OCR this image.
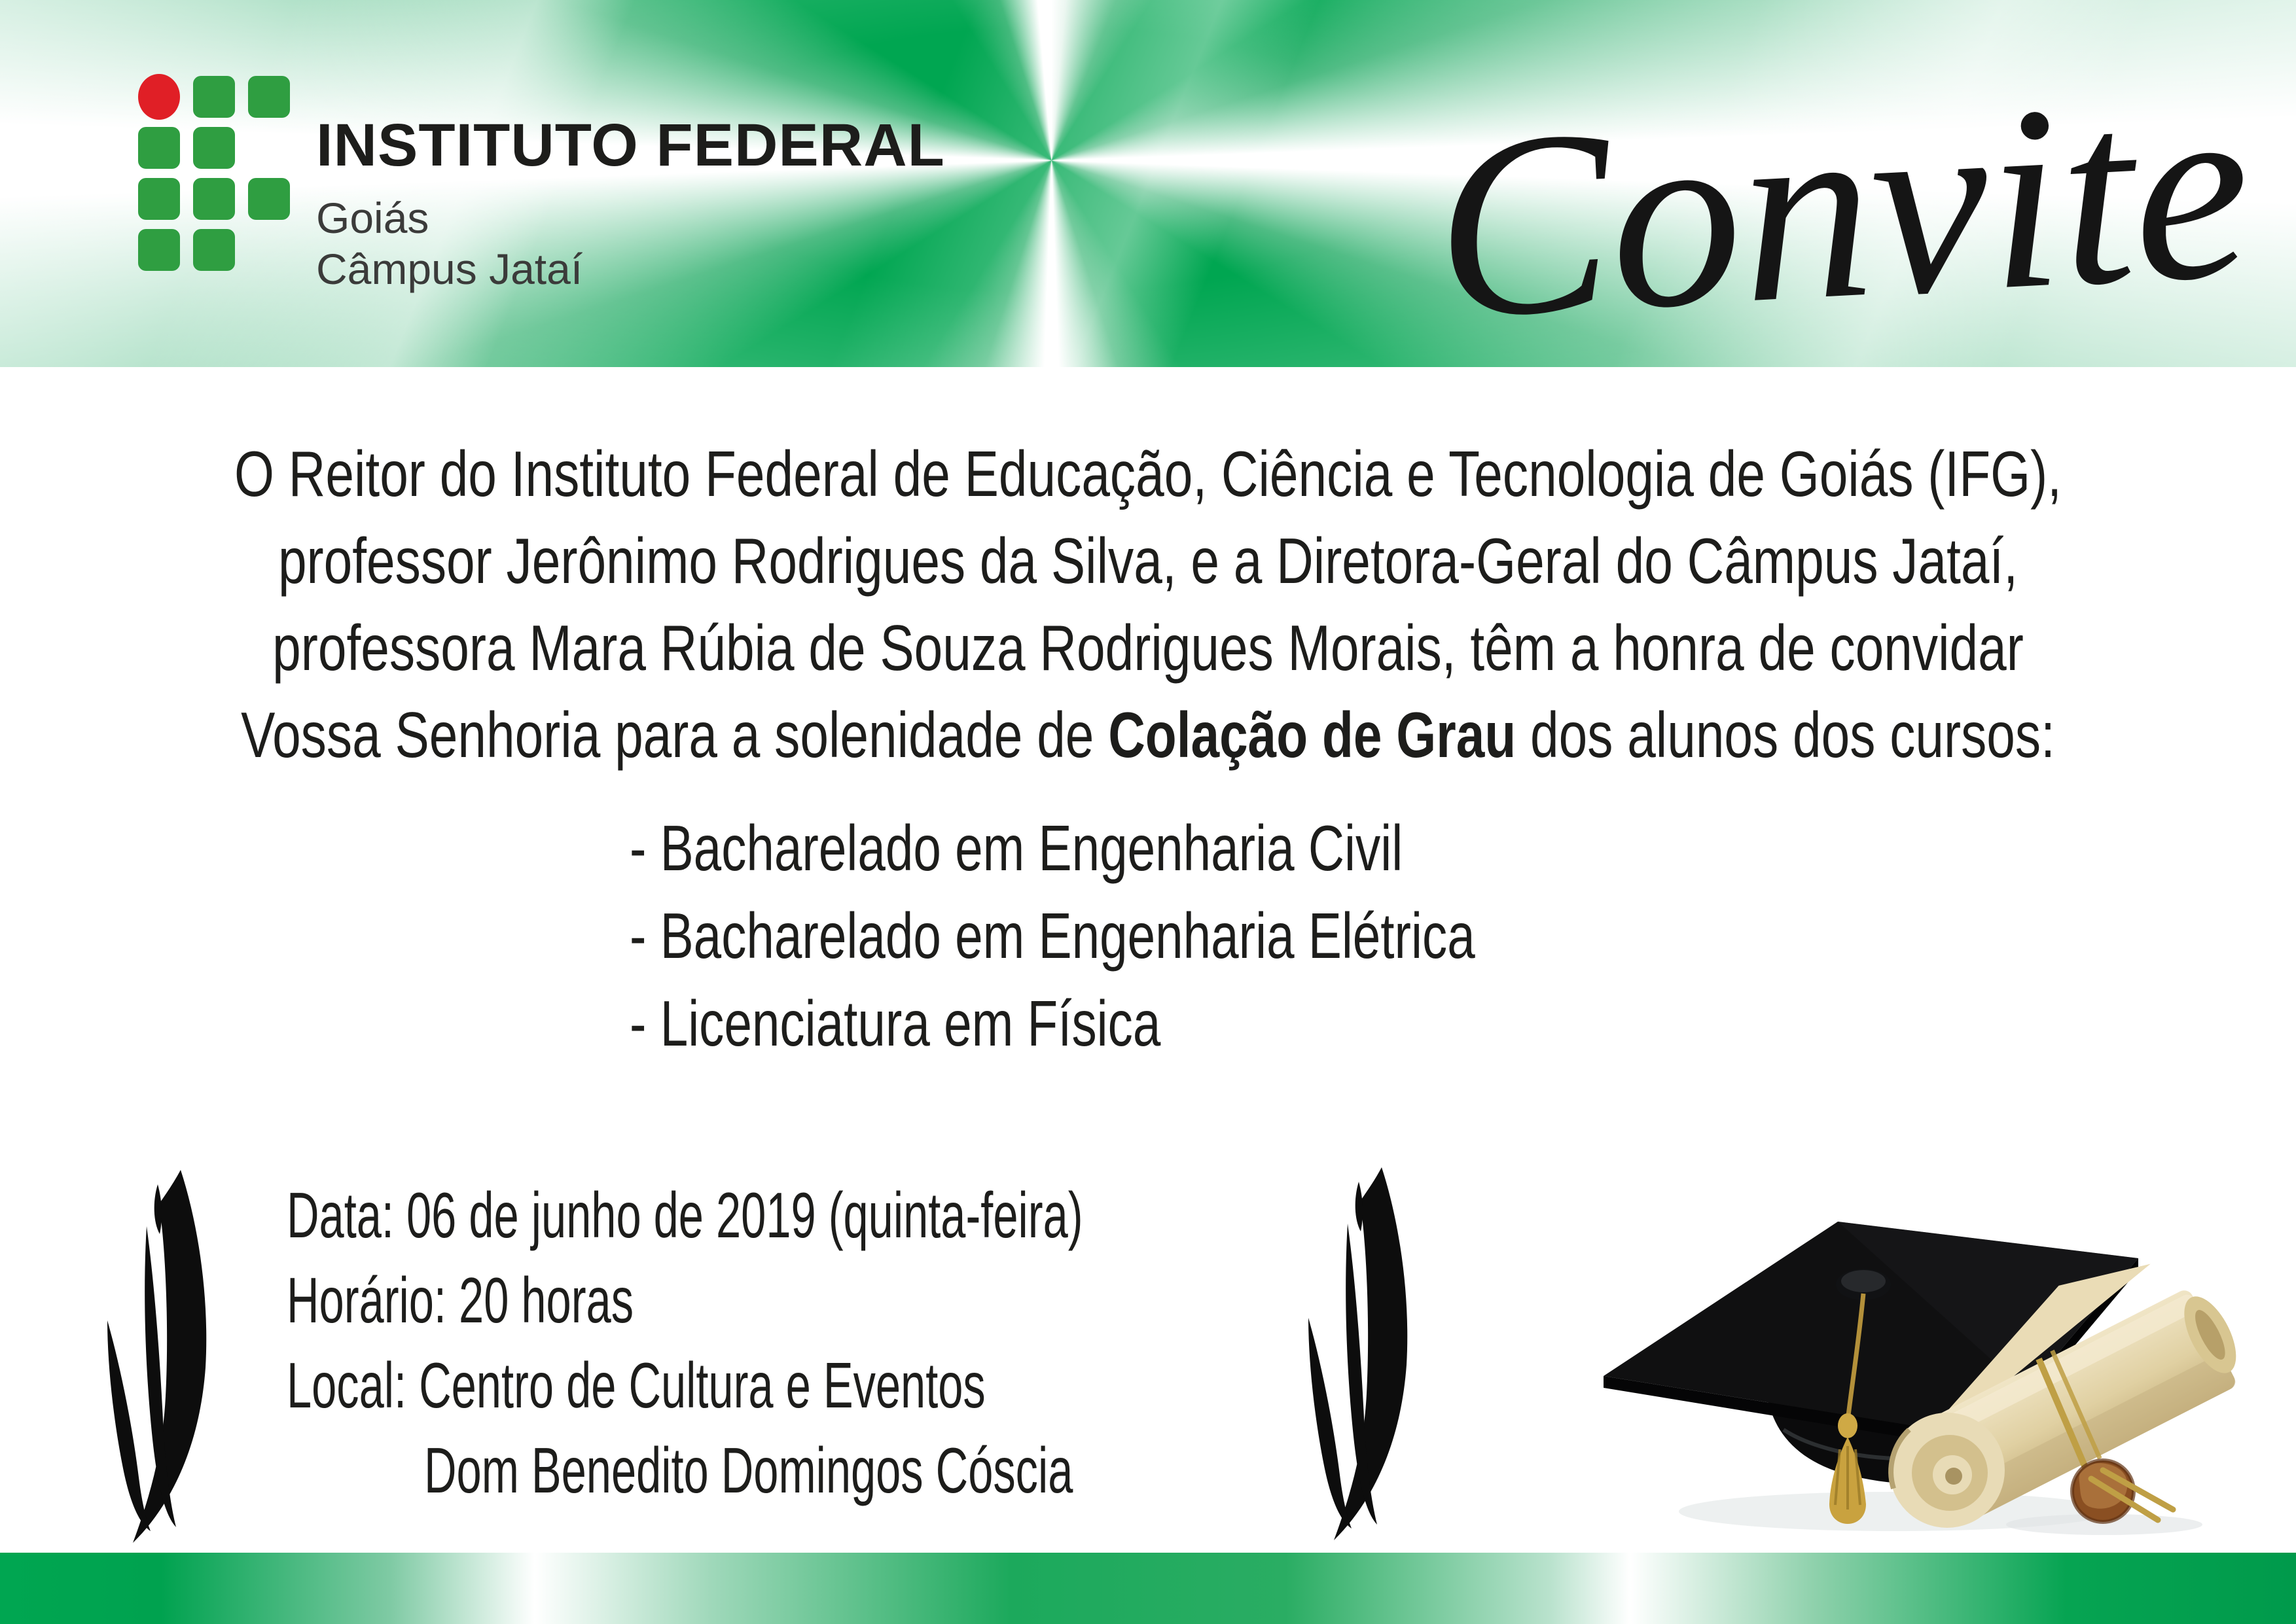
INSTITUTO FEDERAL
Goiás
Câmpus Jataí	Convite
O Reitor do Instituto Federal de Educação, Ciência e Tecnologia de Goiás (IFG),
professor Jerônimo Rodrigues da Silva, e a Diretora-Geral do Câmpus Jataí,
professora Mara Rúbia de Souza Rodrigues Morais, têm a honra de convidar
Vossa Senhoria para a solenidade de Colação de Grau dos alunos dos cursos:
- Bacharelado em Engenharia Civil
- Bacharelado em Engenharia Elétrica
- Licenciatura em Física
Data: 06 de junho de 2019 (quinta-feira)
Horário: 20 horas
Local: Centro de Cultura e Eventos
Dom Benedito Domingos Cóscia
